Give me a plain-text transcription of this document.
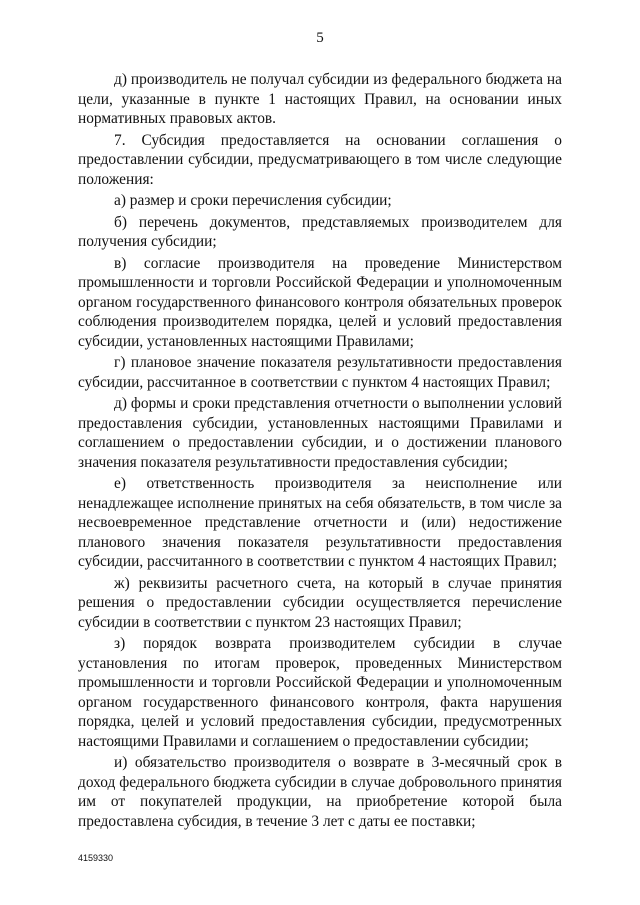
5

д) производитель не получал субсидии из федерального бюджета на цели, указанные в пункте 1 настоящих Правил, на основании иных нормативных правовых актов.

7. Субсидия предоставляется на основании соглашения о предоставлении субсидии, предусматривающего в том числе следующие положения:

а) размер и сроки перечисления субсидии;

б) перечень документов, представляемых производителем для получения субсидии;

в) согласие производителя на проведение Министерством промышленности и торговли Российской Федерации и уполномоченным органом государственного финансового контроля обязательных проверок соблюдения производителем порядка, целей и условий предоставления субсидии, установленных настоящими Правилами;

г) плановое значение показателя результативности предоставления субсидии, рассчитанное в соответствии с пунктом 4 настоящих Правил;

д) формы и сроки представления отчетности о выполнении условий предоставления субсидии, установленных настоящими Правилами и соглашением о предоставлении субсидии, и о достижении планового значения показателя результативности предоставления субсидии;

е) ответственность производителя за неисполнение или ненадлежащее исполнение принятых на себя обязательств, в том числе за несвоевременное представление отчетности и (или) недостижение планового значения показателя результативности предоставления субсидии, рассчитанного в соответствии с пунктом 4 настоящих Правил;

ж) реквизиты расчетного счета, на который в случае принятия решения о предоставлении субсидии осуществляется перечисление субсидии в соответствии с пунктом 23 настоящих Правил;

з) порядок возврата производителем субсидии в случае установления по итогам проверок, проведенных Министерством промышленности и торговли Российской Федерации и уполномоченным органом государственного финансового контроля, факта нарушения порядка, целей и условий предоставления субсидии, предусмотренных настоящими Правилами и соглашением о предоставлении субсидии;

и) обязательство производителя о возврате в 3-месячный срок в доход федерального бюджета субсидии в случае добровольного принятия им от покупателей продукции, на приобретение которой была предоставлена субсидия, в течение 3 лет с даты ее поставки;

4159330
